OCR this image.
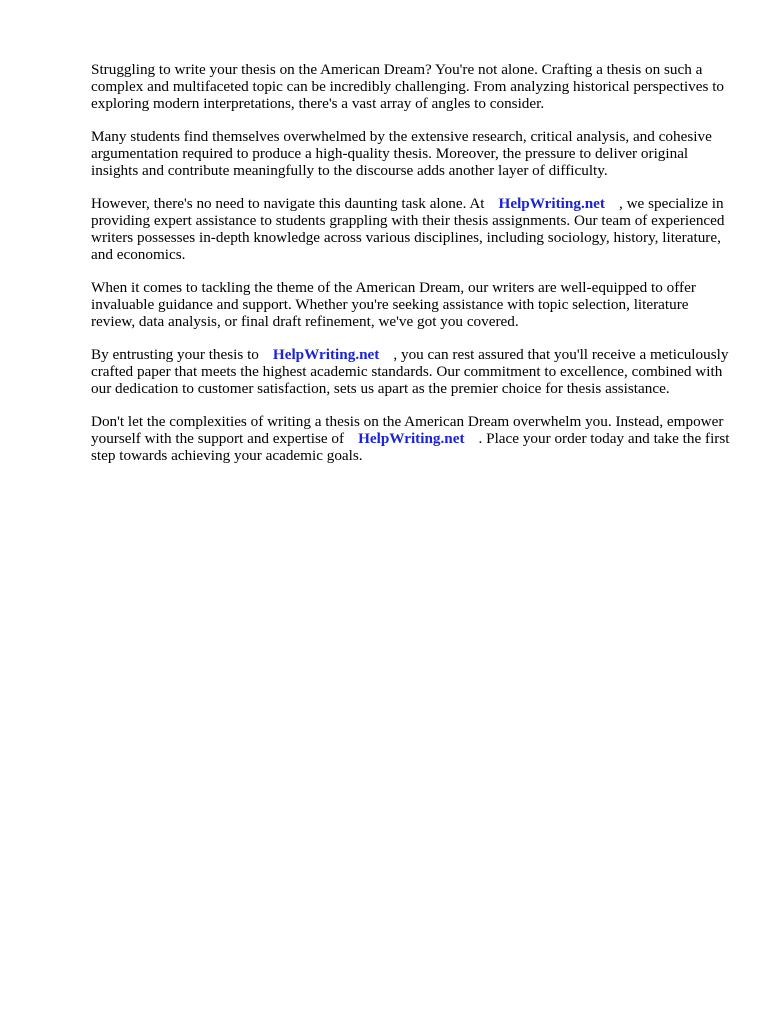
Struggling to write your thesis on the American Dream? You're not alone. Crafting a thesis on such a complex and multifaceted topic can be incredibly challenging. From analyzing historical perspectives to exploring modern interpretations, there's a vast array of angles to consider.

Many students find themselves overwhelmed by the extensive research, critical analysis, and cohesive argumentation required to produce a high-quality thesis. Moreover, the pressure to deliver original insights and contribute meaningfully to the discourse adds another layer of difficulty.

However, there's no need to navigate this daunting task alone. At HelpWriting.net , we specialize in providing expert assistance to students grappling with their thesis assignments. Our team of experienced writers possesses in-depth knowledge across various disciplines, including sociology, history, literature, and economics.

When it comes to tackling the theme of the American Dream, our writers are well-equipped to offer invaluable guidance and support. Whether you're seeking assistance with topic selection, literature review, data analysis, or final draft refinement, we've got you covered.

By entrusting your thesis to HelpWriting.net , you can rest assured that you'll receive a meticulously crafted paper that meets the highest academic standards. Our commitment to excellence, combined with our dedication to customer satisfaction, sets us apart as the premier choice for thesis assistance.

Don't let the complexities of writing a thesis on the American Dream overwhelm you. Instead, empower yourself with the support and expertise of HelpWriting.net . Place your order today and take the first step towards achieving your academic goals.
